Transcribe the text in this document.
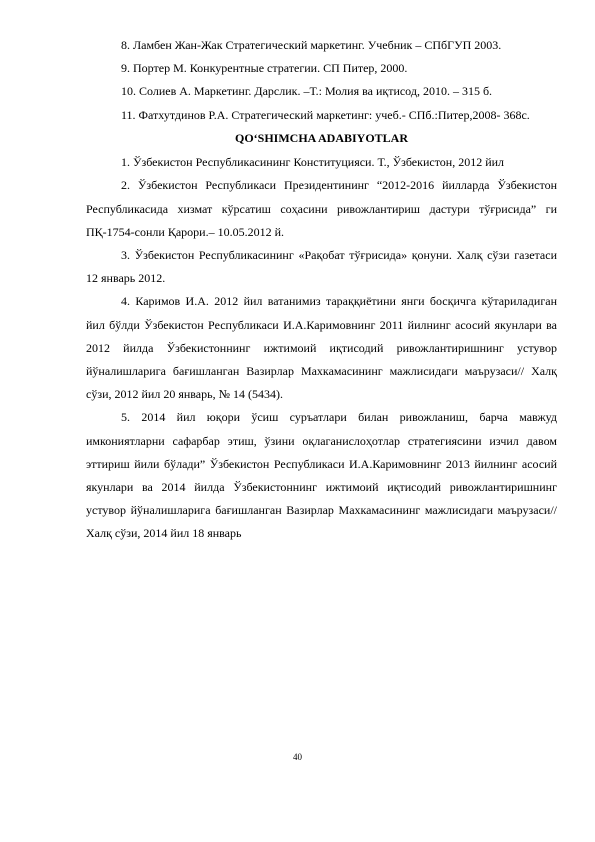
8. Ламбен Жан-Жак Стратегический маркетинг. Учебник – СПбГУП 2003.

9. Портер М. Конкурентные стратегии. СП Питер, 2000.

10. Солиев А. Маркетинг. Дарслик. –Т.: Молия ва иқтисод, 2010. – 315 б.

11. Фатхутдинов Р.А. Стратегический маркетинг: учеб.- СПб.:Питер,2008- 368с.

QO‘SHIMCHA ADABIYOTLAR

1. Ўзбекистон Республикасининг Конституцияси. Т., Ўзбекистон, 2012 йил

2. Ўзбекистон Республикаси Президентининг “2012-2016 йилларда Ўзбекистон Республикасида хизмат кўрсатиш соҳасини ривожлантириш дастури тўғрисида” ги ПҚ-1754-сонли Қарори.– 10.05.2012 й.

3. Ўзбекистон Республикасининг «Рақобат тўғрисида» қонуни. Халқ сўзи газетаси 12 январь 2012.

4. Каримов И.А. 2012 йил ватанимиз тараққиётини янги босқичга кўтариладиган йил бўлди Ўзбекистон Республикаси И.А.Каримовнинг 2011 йилнинг асосий якунлари ва 2012 йилда Ўзбекистоннинг ижтимоий иқтисодий ривожлантиришнинг устувор йўналишларига бағишланган Вазирлар Махкамасининг мажлисидаги маърузаси// Халқ сўзи, 2012 йил 20 январь, № 14 (5434).

5. 2014 йил юқори ўсиш суръатлари билан ривожланиш, барча мавжуд имкониятларни сафарбар этиш, ўзини оқлаганислоҳотлар стратегиясини изчил давом эттириш йили бўлади” Ўзбекистон Республикаси И.А.Каримовнинг 2013 йилнинг асосий якунлари ва 2014 йилда Ўзбекистоннинг ижтимоий иқтисодий ривожлантиришнинг устувор йўналишларига бағишланган Вазирлар Махкамасининг мажлисидаги маърузаси// Халқ сўзи, 2014 йил 18 январь

40
